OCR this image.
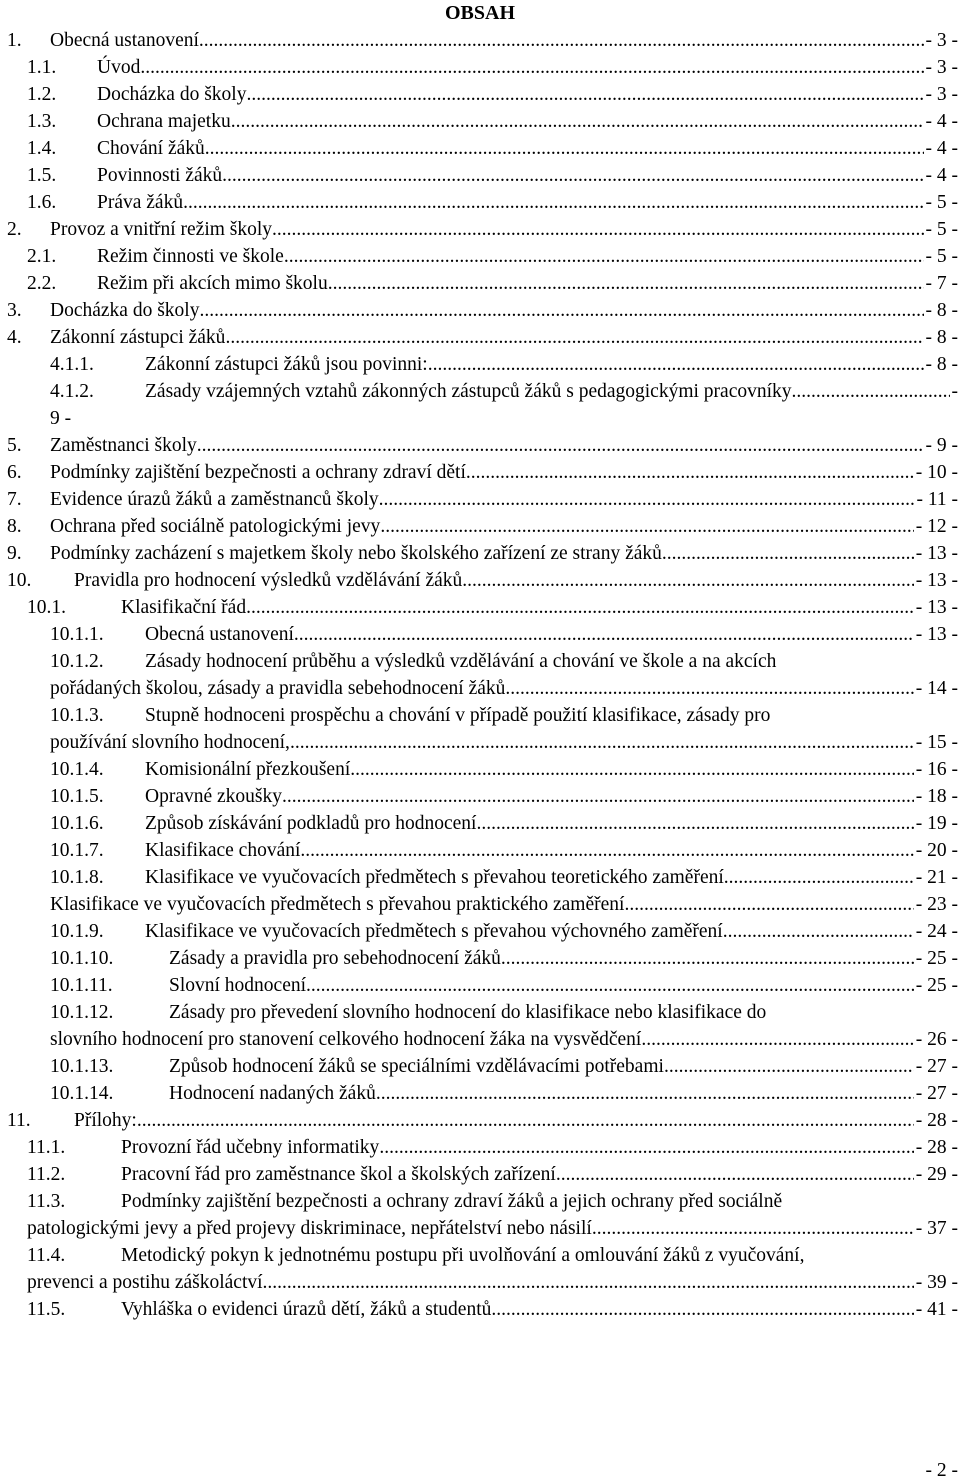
OBSAH
1. Obecná ustanovení .....	- 3 -
1.1. Úvod .....	- 3 -
1.2. Docházka do školy .....	- 3 -
1.3. Ochrana majetku .....	- 4 -
1.4. Chování žáků .....	- 4 -
1.5. Povinnosti žáků .....	- 4 -
1.6. Práva žáků .....	- 5 -
2. Provoz a vnitřní režim školy .....	- 5 -
2.1. Režim činnosti ve škole .....	- 5 -
2.2. Režim při akcích mimo školu .....	- 7 -
3. Docházka do školy .....	- 8 -
4. Zákonní zástupci žáků .....	- 8 -
4.1.1.	Zákonní zástupci žáků jsou povinni: .....	- 8 -
4.1.2.	Zásady vzájemných vztahů zákonných zástupců žáků s pedagogickými pracovníky .....	-
9 -
5. Zaměstnanci školy .....	- 9 -
6. Podmínky zajištění bezpečnosti a ochrany zdraví dětí .....	- 10 -
7. Evidence úrazů žáků a zaměstnanců školy .....	- 11 -
8. Ochrana před sociálně patologickými jevy .....	- 12 -
9. Podmínky zacházení s majetkem školy nebo školského zařízení ze strany žáků .....	- 13 -
10. Pravidla pro hodnocení výsledků vzdělávání žáků .....	- 13 -
10.1.	Klasifikační řád .....	- 13 -
10.1.1. Obecná ustanovení .....	- 13 -
10.1.2. Zásady hodnocení průběhu a výsledků vzdělávání a chování ve škole a na akcích
pořádaných školou, zásady a pravidla sebehodnocení žáků .....	- 14 -
10.1.3. Stupně hodnoceni prospěchu a chování v případě použití klasifikace, zásady pro
používání slovního hodnocení, .....	- 15 -
10.1.4. Komisionální přezkoušení .....	- 16 -
10.1.5. Opravné zkoušky .....	- 18 -
10.1.6. Způsob získávání podkladů pro hodnocení .....	- 19 -
10.1.7. Klasifikace chování .....	- 20 -
10.1.8. Klasifikace ve vyučovacích předmětech s převahou teoretického zaměření .....	- 21 -
Klasifikace ve vyučovacích předmětech s převahou praktického zaměření .....	- 23 -
10.1.9. Klasifikace ve vyučovacích předmětech s převahou výchovného zaměření .....	- 24 -
10.1.10.	Zásady a pravidla pro sebehodnocení žáků .....	- 25 -
10.1.11.	Slovní hodnocení .....	- 25 -
10.1.12.	Zásady pro převedení slovního hodnocení do klasifikace nebo klasifikace do
slovního hodnocení pro stanovení celkového hodnocení žáka na vysvědčení .....	- 26 -
10.1.13.	Způsob hodnocení žáků se speciálními vzdělávacími potřebami .....	- 27 -
10.1.14.	Hodnocení nadaných žáků .....	- 27 -
11. Přílohy: .....	- 28 -
11.1.	Provozní řád učebny informatiky .....	- 28 -
11.2.	Pracovní řád pro zaměstnance škol a školských zařízení .....	- 29 -
11.3.	Podmínky zajištění bezpečnosti a ochrany zdraví žáků a jejich ochrany před sociálně
patologickými jevy a před projevy diskriminace, nepřátelství nebo násilí .....	- 37 -
11.4.	Metodický pokyn k jednotnému postupu při uvolňování a omlouvání žáků z vyučování,
prevenci a postihu záškoláctví .....	- 39 -
11.5.	Vyhláška o evidenci úrazů dětí, žáků a studentů .....	- 41 -
- 2 -
